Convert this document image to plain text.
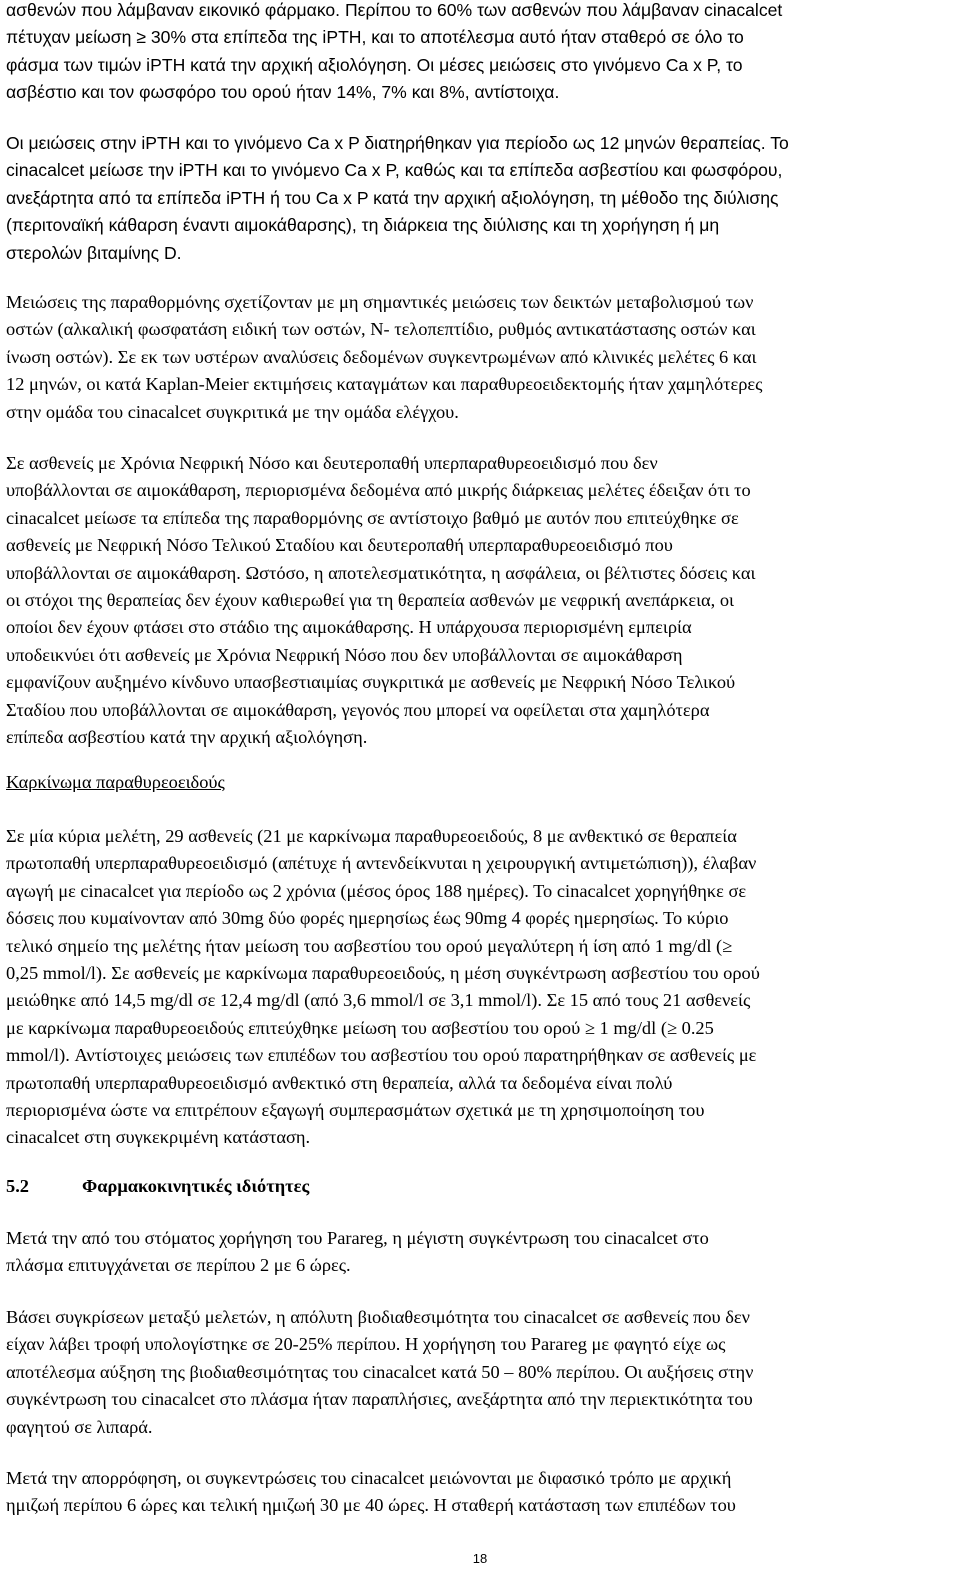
ασθενών που λάμβαναν εικονικό φάρμακο. Περίπου το 60% των ασθενών που λάμβαναν cinacalcet
πέτυχαν μείωση ≥ 30% στα επίπεδα της iPTH, και το αποτέλεσμα αυτό ήταν σταθερό σε όλο το
φάσμα των τιμών iPTH κατά την αρχική αξιολόγηση. Οι μέσες μειώσεις στο γινόμενο Ca x P, το
ασβέστιο και τον φωσφόρο του ορού ήταν 14%, 7% και 8%, αντίστοιχα.
Οι μειώσεις στην iPTH και το γινόμενο Ca x P διατηρήθηκαν για περίοδο ως 12 μηνών θεραπείας. Το
cinacalcet μείωσε την iPTH και το γινόμενο Ca x P, καθώς και τα επίπεδα ασβεστίου και φωσφόρου,
ανεξάρτητα από τα επίπεδα iPTH ή του Ca x P κατά την αρχική αξιολόγηση, τη μέθοδο της διύλισης
(περιτοναϊκή κάθαρση έναντι αιμοκάθαρσης), τη διάρκεια της διύλισης και τη χορήγηση ή μη
στερολών βιταμίνης D.
Μειώσεις της παραθορμόνης σχετίζονταν με μη σημαντικές μειώσεις των δεικτών μεταβολισμού των
οστών (αλκαλική φωσφατάση ειδική των οστών, Ν- τελοπεπτίδιο, ρυθμός αντικατάστασης οστών και
ίνωση οστών). Σε εκ των υστέρων αναλύσεις δεδομένων συγκεντρωμένων από κλινικές μελέτες 6 και
12 μηνών, οι κατά Kaplan-Meier εκτιμήσεις καταγμάτων και παραθυρεοειδεκτομής ήταν χαμηλότερες
στην ομάδα του cinacalcet συγκριτικά με την ομάδα ελέγχου.
Σε ασθενείς με Χρόνια Νεφρική Νόσο και δευτεροπαθή υπερπαραθυρεοειδισμό που δεν
υποβάλλονται σε αιμοκάθαρση, περιορισμένα δεδομένα από μικρής διάρκειας μελέτες έδειξαν ότι το
cinacalcet μείωσε τα επίπεδα της παραθορμόνης σε αντίστοιχο βαθμό με αυτόν που επιτεύχθηκε σε
ασθενείς με Νεφρική Νόσο Τελικού Σταδίου και δευτεροπαθή υπερπαραθυρεοειδισμό που
υποβάλλονται σε αιμοκάθαρση. Ωστόσο, η αποτελεσματικότητα, η ασφάλεια, οι βέλτιστες δόσεις και
οι στόχοι της θεραπείας δεν έχουν καθιερωθεί για τη θεραπεία ασθενών με νεφρική ανεπάρκεια, οι
οποίοι δεν έχουν φτάσει στο στάδιο της αιμοκάθαρσης. Η υπάρχουσα περιορισμένη εμπειρία
υποδεικνύει ότι ασθενείς με Χρόνια Νεφρική Νόσο που δεν υποβάλλονται σε αιμοκάθαρση
εμφανίζουν αυξημένο κίνδυνο υπασβεστιαιμίας συγκριτικά με ασθενείς με Νεφρική Νόσο Τελικού
Σταδίου που υποβάλλονται σε αιμοκάθαρση, γεγονός που μπορεί να οφείλεται στα χαμηλότερα
επίπεδα ασβεστίου κατά την αρχική αξιολόγηση.
Καρκίνωμα παραθυρεοειδούς
Σε μία κύρια μελέτη, 29 ασθενείς (21 με καρκίνωμα παραθυρεοειδούς, 8 με ανθεκτικό σε θεραπεία
πρωτοπαθή υπερπαραθυρεοειδισμό (απέτυχε ή αντενδείκνυται η χειρουργική αντιμετώπιση)), έλαβαν
αγωγή με cinacalcet για περίοδο ως 2 χρόνια (μέσος όρος 188 ημέρες). Το cinacalcet χορηγήθηκε σε
δόσεις που κυμαίνονταν από 30mg δύο φορές ημερησίως έως 90mg 4 φορές ημερησίως. Το κύριο
τελικό σημείο της μελέτης ήταν μείωση του ασβεστίου του ορού μεγαλύτερη ή ίση από 1 mg/dl (≥
0,25 mmol/l). Σε ασθενείς με καρκίνωμα παραθυρεοειδούς, η μέση συγκέντρωση ασβεστίου του ορού
μειώθηκε από 14,5 mg/dl σε 12,4 mg/dl (από 3,6 mmol/l σε 3,1 mmol/l). Σε 15 από τους 21 ασθενείς
με καρκίνωμα παραθυρεοειδούς επιτεύχθηκε μείωση του ασβεστίου του ορού ≥ 1 mg/dl (≥ 0.25
mmol/l). Αντίστοιχες μειώσεις των επιπέδων του ασβεστίου του ορού παρατηρήθηκαν σε ασθενείς με
πρωτοπαθή υπερπαραθυρεοειδισμό ανθεκτικό στη θεραπεία, αλλά τα δεδομένα είναι πολύ
περιορισμένα ώστε να επιτρέπουν εξαγωγή συμπερασμάτων σχετικά με τη χρησιμοποίηση του
cinacalcet στη συγκεκριμένη κατάσταση.
5.2	Φαρμακοκινητικές ιδιότητες
Μετά την από του στόματος χορήγηση του Parareg, η μέγιστη συγκέντρωση του cinacalcet στο
πλάσμα επιτυγχάνεται σε περίπου 2 με 6 ώρες.
Βάσει συγκρίσεων μεταξύ μελετών, η απόλυτη βιοδιαθεσιμότητα του cinacalcet σε ασθενείς που δεν
είχαν λάβει τροφή υπολογίστηκε σε 20-25% περίπου. Η χορήγηση του Parareg με φαγητό είχε ως
αποτέλεσμα αύξηση της βιοδιαθεσιμότητας του cinacalcet κατά 50 – 80% περίπου. Οι αυξήσεις στην
συγκέντρωση του cinacalcet στο πλάσμα ήταν παραπλήσιες, ανεξάρτητα από την περιεκτικότητα του
φαγητού σε λιπαρά.
Μετά την απορρόφηση, οι συγκεντρώσεις του cinacalcet μειώνονται με διφασικό τρόπο με αρχική
ημιζωή περίπου 6 ώρες και τελική ημιζωή 30 με 40 ώρες. Η σταθερή κατάσταση των επιπέδων του
18
